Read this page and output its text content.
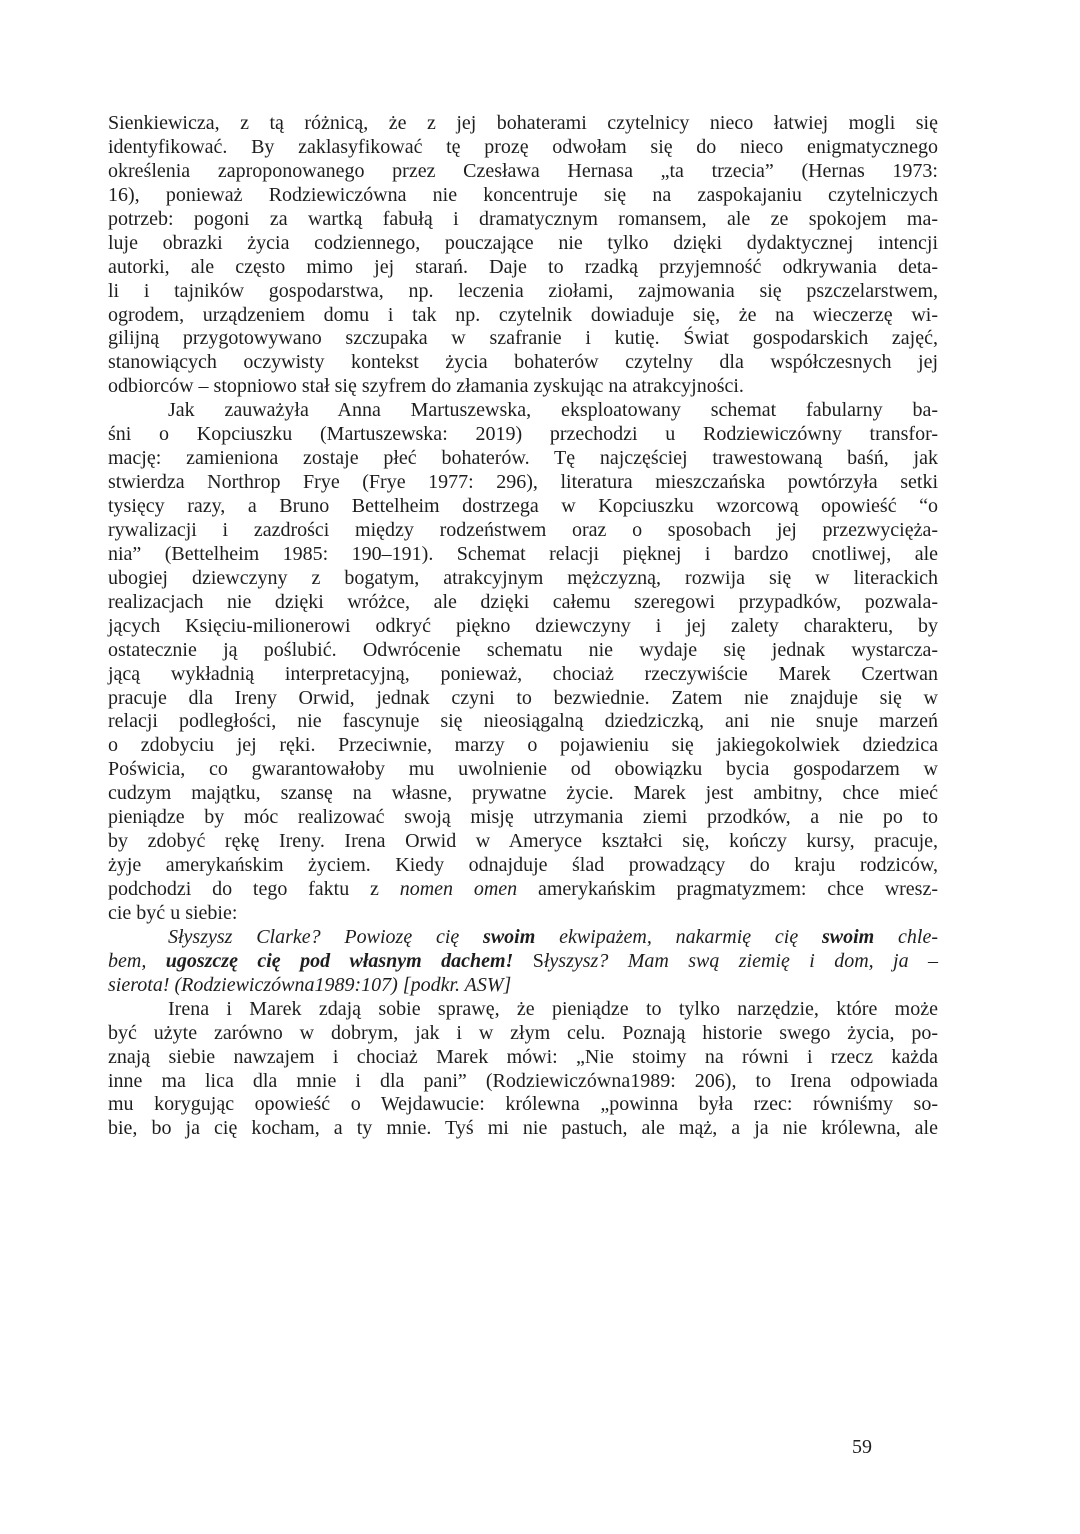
Sienkiewicza, z tą różnicą, że z jej bohaterami czytelnicy nieco łatwiej mogli się
identyfikować. By zaklasyfikować tę prozę odwołam się do nieco enigmatycznego
określenia zaproponowanego przez Czesława Hernasa „ta trzecia” (Hernas 1973:
16), ponieważ Rodziewiczówna nie koncentruje się na zaspokajaniu czytelniczych
potrzeb: pogoni za wartką fabułą i dramatycznym romansem, ale ze spokojem ma-
luje obrazki życia codziennego, pouczające nie tylko dzięki dydaktycznej intencji
autorki, ale często mimo jej starań. Daje to rzadką przyjemność odkrywania deta-
li i tajników gospodarstwa, np. leczenia ziołami, zajmowania się pszczelarstwem,
ogrodem, urządzeniem domu i tak np. czytelnik dowiaduje się, że na wieczerzę wi-
gilijną przygotowywano szczupaka w szafranie i kutię. Świat gospodarskich zajęć,
stanowiących oczywisty kontekst życia bohaterów czytelny dla współczesnych jej
odbiorców – stopniowo stał się szyfrem do złamania zyskując na atrakcyjności.
Jak zauważyła Anna Martuszewska, eksploatowany schemat fabularny ba-
śni o Kopciuszku (Martuszewska: 2019) przechodzi u Rodziewiczówny transfor-
mację: zamieniona zostaje płeć bohaterów. Tę najczęściej trawestowaną baśń, jak
stwierdza Northrop Frye (Frye 1977: 296), literatura mieszczańska powtórzyła setki
tysięcy razy, a Bruno Bettelheim dostrzega w Kopciuszku wzorcową opowieść “o
rywalizacji i zazdrości między rodzeństwem oraz o sposobach jej przezwycięża-
nia” (Bettelheim 1985: 190–191). Schemat relacji pięknej i bardzo cnotliwej, ale
ubogiej dziewczyny z bogatym, atrakcyjnym mężczyzną, rozwija się w literackich
realizacjach nie dzięki wróżce, ale dzięki całemu szeregowi przypadków, pozwala-
jących Księciu-milionerowi odkryć piękno dziewczyny i jej zalety charakteru, by
ostatecznie ją poślubić. Odwrócenie schematu nie wydaje się jednak wystarcza-
jącą wykładnią interpretacyjną, ponieważ, chociaż rzeczywiście Marek Czertwan
pracuje dla Ireny Orwid, jednak czyni to bezwiednie. Zatem nie znajduje się w
relacji podległości, nie fascynuje się nieosiągalną dziedziczką, ani nie snuje marzeń
o zdobyciu jej ręki. Przeciwnie, marzy o pojawieniu się jakiegokolwiek dziedzica
Poświcia, co gwarantowałoby mu uwolnienie od obowiązku bycia gospodarzem w
cudzym majątku, szansę na własne, prywatne życie. Marek jest ambitny, chce mieć
pieniądze by móc realizować swoją misję utrzymania ziemi przodków, a nie po to
by zdobyć rękę Ireny. Irena Orwid w Ameryce kształci się, kończy kursy, pracuje,
żyje amerykańskim życiem. Kiedy odnajduje ślad prowadzący do kraju rodziców,
podchodzi do tego faktu z nomen omen amerykańskim pragmatyzmem: chce wresz-
cie być u siebie:
Słyszysz Clarke? Powiozę cię swoim ekwipażem, nakarmię cię swoim chle-
bem, ugoszczę cię pod własnym dachem! Słyszysz? Mam swą ziemię i dom, ja –
sierota! (Rodziewiczówna1989:107) [podkr. ASW]
Irena i Marek zdają sobie sprawę, że pieniądze to tylko narzędzie, które może
być użyte zarówno w dobrym, jak i w złym celu. Poznają historie swego życia, po-
znają siebie nawzajem i chociaż Marek mówi: „Nie stoimy na równi i rzecz każda
inne ma lica dla mnie i dla pani” (Rodziewiczówna1989: 206), to Irena odpowiada
mu korygując opowieść o Wejdawucie: królewna „powinna była rzec: równiśmy so-
bie, bo ja cię kocham, a ty mnie. Tyś mi nie pastuch, ale mąż, a ja nie królewna, ale
59
